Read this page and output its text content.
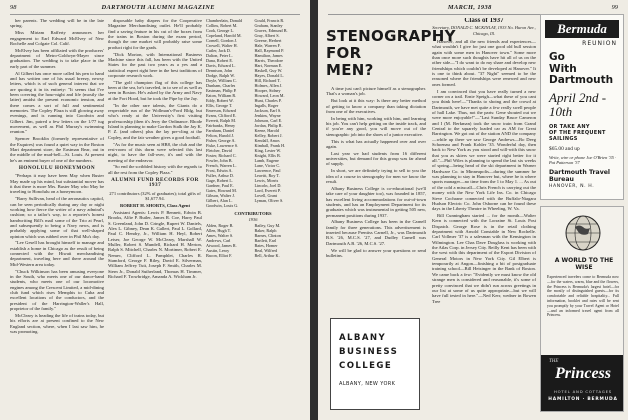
98	DARTMOUTH ALUMNI MAGAZINE

her parents. The wedding will be in the late spring.

Miss Miriam Rafferty announces her engagement to Earl Edward McElvey of New Rochelle and Colgate Col. Calif.

McElvey has been affiliated with the producers' department of Metro-Goldwyn-Mayer since graduation. The wedding is to take place in the early part of the summer.

Al Gilbert has once more called his pen to hand and has written one of his usual breezy, newsy letters, which is of such general interest that we are quoting it in its entirety: "It seems that I've been covering the hour-night and life (mostly the latter) amidst the present economic tension, and there comes a sort of full and sentimental memories. The Copley Plaza is still glowing away evenings, and is running into Goodwin and Gilbert. Jim, paired a few letters on the 1/77 tug movement, as well as Phil Murray's swimming reunion."

Spencer Brooklin (formerly representative of the Esquires) was found a quiet way in the Boston Mart department store, the Eastman Bear, out in the middle of the mud-bell—St. Louis. At present he's an eminent buyer of one of the numbers.

HONOLULU HONEYMOON

"Perhaps it may have been May when Buster May made up his mind, but substantial mover has it that there is more Mrs. Buster May who May be traveling to Honolulu on a honeymoon.

"Barry Sullivan, head of the aeronautics capitol, can be seen periodically during any day or night working how fierce the writer of a navy admiral's cushion; so a tailor's way, to a reporter's honest handwriting Bill's mail some of the Trio at Pearl, and subsequently to being a Navy news, and is probably applying some of that well-shaped opinion which was rubbed over in Phil Mu's day.

"Lee Gesell has brought himself to manage and establish a home in Chicago as the result of being connected with the Hiwaii merchandising department, traveling here and there around the Mid-Western area today.

"Chuck Wilkinson has been amusing everyone in the South, who meets one of our dance-band students, who meets one of our locomotive engines among the Crescent Limited, a mid-dining club fund which rises Memphis to Cuba and excellent locations of the conductors, and the president of the Harrington-Waller's Hall, proprietor of the family."

McCleary is heading the life of trains today, but his efforts are at present confined to the New England section, where, when I last saw him, he was promoting.

disposable baby diapers for the Cooperative Magazine Merchandising outlet. He'll probably find a saving feature in his cut of the boxes from the trains in Boston during the exam period, though the one market will probably raise some product right for the grads.

"Dick Morton, with International Business Machine since this fall, has been with the United States for the past two years as a yes and a statistical expert right here in the best traditions of corporate research work.

"The golf champion flag of this college has been at the sea, he's traveled, in to see of as well as seen in Boston. He's asked by the Army and Navy at the Fort Hood, but he took the Pipe by the Jay.

"In the other rare talents, the Giants do a respectable run of the Wollman's-Ford Bldg, but who's ready at the University's first visiting professorship (then it's Jerry the Ordinance. Rhode Island is planning to make Gordon Stalk the Jay K. P. Z. (and others) plus the lay pre-cling at the Copley, and the fair weather gives a good football.

"As for the music seen at HB8, the club and the rest-room of this dorm were selected this last night, to have the fall-over, it's and with the meeting of the endeavor.

"So end the scribbled history with the regards to all the rest from the Copley Plaza."

ALUMNI FUND RECORDS FOR 1937

271 contributors (32% of graduates); total gifts of $1,677.94.

ROBERT H. SHORTS, Class Agent

Assistant Agents: Lewis P. Bennett, Edwin B. Brooks, Alfie P. Butler, James R. Coe, Harry Paul S. Greenland, John D. Cringle, Rupert W. Daniels, Alex L. Gibney, Dean K. Gallert, Paul L. Gollard, Paul C. Hendry, Jr., William H. Heyl, Robert Leiser, Joe George W. McCleary, Marshall W. Muller, Robert S. Mundell, Richard H. Merton, Ralph S. Mitchell, Charles N. Mortimer, Robert E. Nemec, Clifford L. Pamphlet, Charles R. Stamford, George F. Riley, David E. Silverman, William Jeffrey Tutt, Joseph F. Smith, Charles M. Stern Jr., Donald Sutherland, Thomas H. Timmer, Richard F. Trowbridge, Amanda A. Wickham Jr.

Chamberlain, Donald
Collins, Robert M.
Cook, George L.
Copeland, Harold M.
Cornell, Gordon J.
Crowell, Walter H.
Cutler, Jack D.
Dalton, Peter L.
Dana, Robert E.
Davis, Edward L.
Dennison, John
Dodge, Ralph W.
Doyle, William C.
Dunham, Charles
Eastman, Philip P.
Eaton, William R.
Eddy, Robert W.
Ellis, George T.
Emerson, Edward
Evans, Clifford E.
Everett, Ralph M.
Fairbanks, Henry
Farnham, Daniel
Felton, Harold J.
Fisher, George A.
Fiske, Lawrence S.
Fletcher, David
Foster, Richard C.
Fowler, John B.
French, Warren L.
Frost, Edwin A.
Fuller, Arthur D.
Gage, Robert L.
Gardner, Paul E.
Gates, Howard M.
Gibson, Walter J.
Gilbert, Alan L.
Goodwin, Louis G.
Gould, Francis R.
Graham, Stanley
Graves, Edmund B.
Gray, Albert S.
Greene, Herbert
Hale, Warren F.
Hall, Raymond P.
Hamilton, James
Harris, Theodore
Hart, Norman E.
Haskell, Guy W.
Hayes, Donald L.
Hill, Richard T.
Holmes, Allen J.
Hooper, Sidney
Howard, Leon M.
Hunt, Charles P.
Ingalls, Roger
Jackson, Earl S.
Jenkins, Wayne
Johnson, Carl E.
Jordan, Philip R.
Keene, Harold
Kelley, Robert J.
Kendall, Amos
Kimball, Frank H.
King, Lester W.
Knight, Ellis B.
Lamb, Eugene
Lane, Victor C.
Lawrence, Paul
Leavitt, Roy T.
Lewis, Morris
Lincoln, Joel D.
Lord, Everett P.
Lovell, Grant
Lyman, Oliver S.
CONTRIBUTORS
1936
Alden, Roger B.
Allen, Hugh T.
Ames, Walter S.
Andrews, Carl
Atwood, James R.
Austin, Leroy
Bacon, Elliot F.
Bailey, Guy M.
Baker, Ralph
Barnes, Clinton
Bartlett, Earl
Bates, Homer
Beal, Wilfred
Bell, Arthur K.
MARCH, 1938	99
STENOGRAPHY
FOR
MEN?

A time just can't picture himself as a stenographer. That's a woman's job.

But look at it this way: Is there any better method of getting to know a company than taking dictation from one of the executives.

In being with him, working with him, and learning his job. You can't help getting on the inside track, and if you're any good, you will move out of the stenographic job into the shoes of a junior executive.

This is what has actually happened over and over again.

Last year we had students from 16 different universities, but demand for this group was far ahead of supply.

In short, we are definitely trying to sell to you the idea of a course in stenography for men we know the result.

Albany Business College is co-educational (we'll take care of your daughter too), was founded in 1857, has excellent living accommodations for out-of-town students, and has an Employment Department for its graduates which was instrumental in getting 505 new, permanent positions during 1937.

Albany Business College has been in the Carnell family for three generations. This advertisement is inserted because Prentiss Carnell, Jr., was Dartmouth B.S. '26, M.C.S. '27, and Dudley Carnell was Dartmouth A.B. '26, M.C.S. '27.

We will be glad to answer your questions or send bulletins.

ALBANY
BUSINESS
COLLEGE
ALBANY, NEW YORK
Class of 1937
Secretary, DONALD C. MCKINLAY, 1933 No. Huron Ave., Chicago, Ill.

Hanover, and all the new friends and experiences—what wouldn't I give for just one good old bull session again with some men in Hanover town." Some more than once more such thoughts have hit all of us on the other side—"I do want to do my share and develop new friendships which couldn't be developed at Hanover." It is one to think about. "37 Night" seemed to be the reasoned where the friendships were renewed and new ones formed.

I am convinced that you have really turned a new corner on a trail. Ernie Speigh—what these of you cant you think here!—"Thanks to shoing and the crowd at Dartmouth, we have met quite a few really swell people of hall Lake. Thus, not the parts: Gene shouted out we were more enjoyable!"—"Last Sunday Bruce Cameron and I (M. Berkman) took the snow train from Grand Central to the squarely loaded car as AM for Great Barrington. We got out of the station AND the company—while up there we saw George Andrews—Bo Deeg Schoenau and Frank Kohler '35. Wonderful day, then back to New York as you stood and will-with this snow that you as skiers we were started right better for it all."—Phil Wiles is planning to spend the last six weeks of spring—being head of the ski department in Warner Hardware Co. in Minneapolis—during the summer he was planning to stay in Hanover but, where he is where sports manager—no time from the 1 to May 1. ... As out of the cold a misscall—Chris French is carrying out the money with the New York Life Ins. Co. in Chicago Steve Cochrane connected with the Buffalo-Niagara Hudson Electric Co. John Osborne can be found these days in the Liberty Theatre in Wheeling, W. Va.

Bill Cunningham started ... for the month—Walter Kern is connected with the Lorraine St. Louis Post Dispatch. George Rose is in the retail clothing department with Arnold Constable in New Rochelle. Carl Vollmer '37 is a salesman with the Kensington in Wilmington. Lee Chas Dave Douglass is working with the Atlas Corp. in Jersey City. Reilly Kent has been with the west with this department of the Export Division of General Motors in New York City. Gil Elbert is temporarily at Angon—finishing a bit of postgraduate training school—Bill Heisinger in the Bank of Boston. We came back a few: "Evidently we must know the old strange men is considered and reasonable, it's some of pretty convinced that we didn't run across greetings in our list at some of us quite appropriate—but we will have full tested in here."—Ned Kerr, wedner in Bowen Tree

Bermuda
REUNION
Go
With
Dartmouth
April 2nd - 10th
OR TAKE ANY
OF THE FREQUENT
SAILINGS
$65.00 and up
Write, wire or phone Joe O'Brien '35 · Pat Patterson '37
Dartmouth Travel Bureau
HANOVER, N. H.
A WORLD TO THE WISE
Experienced travelers come to Bermuda now—for the waters, warm, blue and the flowers, the Princess is Bermuda's largest hotel—for the mostly of distinguished guests—for its comfortable and reliable hospitality... Full information, booklet and rates will be sent you promptly by your Travel Agent or Hotel—and an informed travel agent from all Princess.
THE
Princess
HOTEL AND COTTAGES
HAMILTON · BERMUDA
